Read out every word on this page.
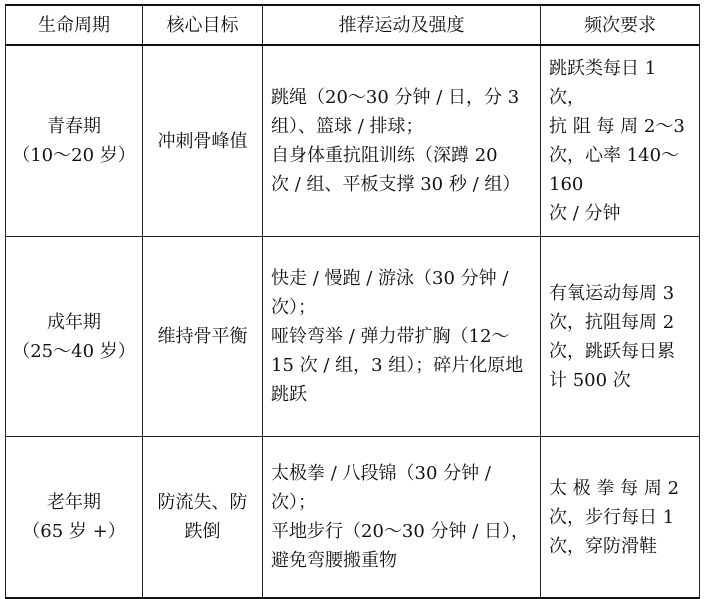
生命周期	核心目标	推荐运动及强度	频次要求

青春期
（10～20 岁）	冲刺骨峰值	跳绳（20～30 分钟 / 日，分 3
组）、篮球 / 排球；
自身体重抗阻训练（深蹲 20
次 / 组、平板支撑 30 秒 / 组）	跳跃类每日 1 次，
抗 阻 每 周 2～3
次，心率 140～160
次 / 分钟

成年期
（25～40 岁）	维持骨平衡	快走 / 慢跑 / 游泳（30 分钟 /
次）；
哑铃弯举 / 弹力带扩胸（12～
15 次 / 组，3 组）；碎片化原地
跳跃	有氧运动每周 3
次，抗阻每周 2
次，跳跃每日累
计 500 次

老年期
（65 岁 +）	防流失、防
跌倒	太极拳 / 八段锦（30 分钟 /
次）；
平地步行（20～30 分钟 / 日），
避免弯腰搬重物	太 极 拳 每 周 2
次，步行每日 1
次，穿防滑鞋
